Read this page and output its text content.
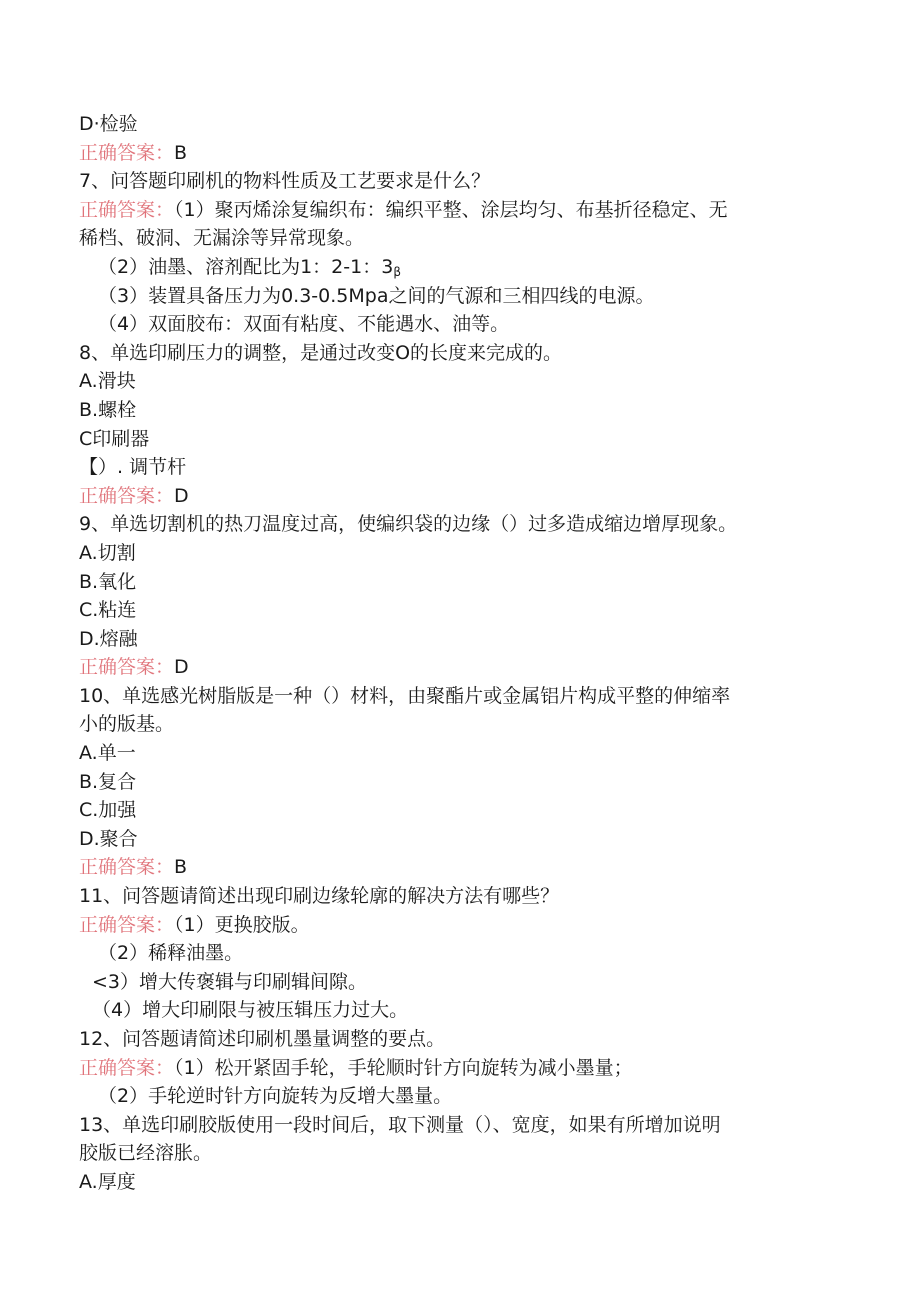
D·检验
正确答案：B
7、问答题印刷机的物料性质及工艺要求是什么？
正确答案：（1）聚丙烯涂复编织布：编织平整、涂层均匀、布基折径稳定、无
稀档、破洞、无漏涂等异常现象。
（2）油墨、溶剂配比为1：2-1：$3_\beta$
（3）装置具备压力为0.3-0.5Mpa之间的气源和三相四线的电源。
（4）双面胶布：双面有粘度、不能遇水、油等。
8、单选印刷压力的调整，是通过改变O的长度来完成的。
A.滑块
B.螺栓
C印刷器
【）. 调节杆
正确答案：D
9、单选切割机的热刀温度过高，使编织袋的边缘（）过多造成缩边增厚现象。
A.切割
B.氧化
C.粘连
D.熔融
正确答案：D
10、单选感光树脂版是一种（）材料，由聚酯片或金属铝片构成平整的伸缩率
小的版基。
A.单一
B.复合
C.加强
D.聚合
正确答案：B
11、问答题请简述出现印刷边缘轮廓的解决方法有哪些？
正确答案：（1）更换胶版。
（2）稀释油墨。
<3）增大传褒辑与印刷辑间隙。
（4）增大印刷限与被压辑压力过大。
12、问答题请简述印刷机墨量调整的要点。
正确答案：（1）松开紧固手轮，手轮顺时针方向旋转为减小墨量；
（2）手轮逆时针方向旋转为反增大墨量。
13、单选印刷胶版使用一段时间后，取下测量（）、宽度，如果有所增加说明
胶版已经溶胀。
A.厚度
